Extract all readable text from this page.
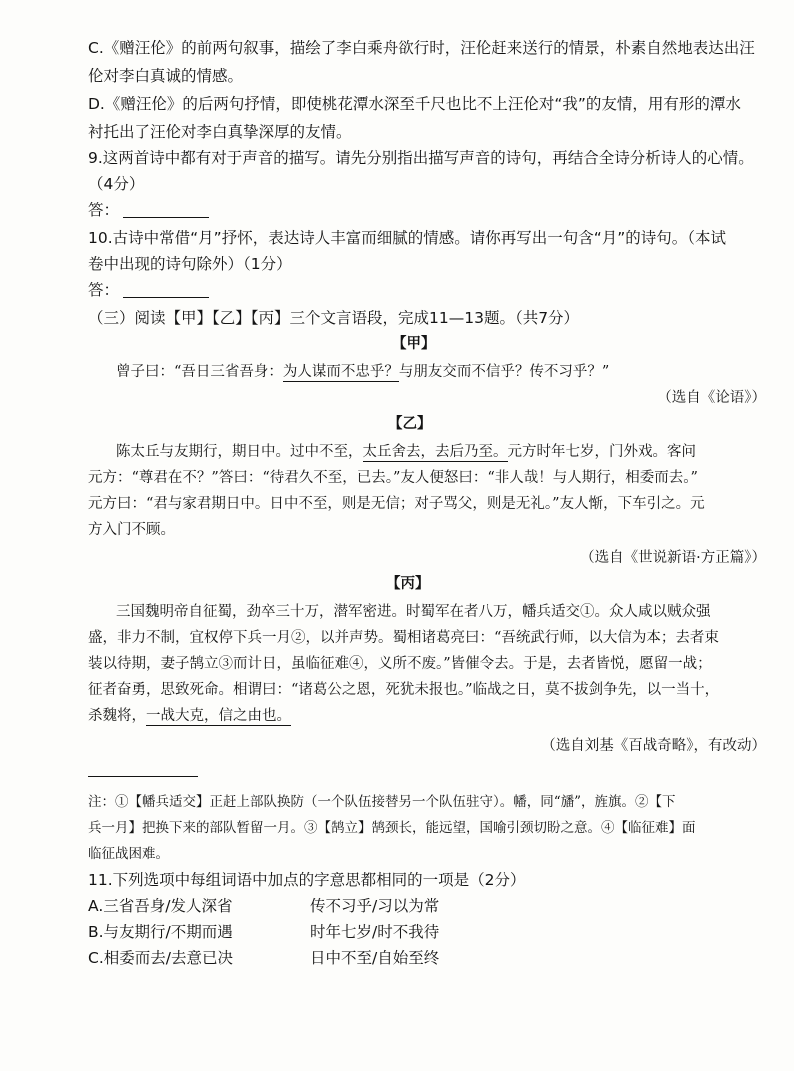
C.《赠汪伦》的前两句叙事，描绘了李白乘舟欲行时，汪伦赶来送行的情景，朴素自然地表达出汪
伦对李白真诚的情感。
D.《赠汪伦》的后两句抒情，即使桃花潭水深至千尺也比不上汪伦对“我”的友情，用有形的潭水
衬托出了汪伦对李白真挚深厚的友情。
9.这两首诗中都有对于声音的描写。请先分别指出描写声音的诗句，再结合全诗分析诗人的心情。
（4分）
答：
10.古诗中常借“月”抒怀，表达诗人丰富而细腻的情感。请你再写出一句含“月”的诗句。（本试
卷中出现的诗句除外）（1分）
答：
（三）阅读【甲】【乙】【丙】三个文言语段，完成11—13题。（共7分）
【甲】
曾子曰：“吾日三省吾身：为人谋而不忠乎？与朋友交而不信乎？传不习乎？”
（选自《论语》）
【乙】
陈太丘与友期行，期日中。过中不至，太丘舍去，去后乃至。元方时年七岁，门外戏。客问
元方：“尊君在不？”答曰：“待君久不至，已去。”友人便怒曰：“非人哉！与人期行，相委而去。”
元方曰：“君与家君期日中。日中不至，则是无信；对子骂父，则是无礼。”友人惭，下车引之。元
方入门不顾。
（选自《世说新语·方正篇》）
【丙】
三国魏明帝自征蜀，劲卒三十万，潜军密进。时蜀军在者八万，幡兵适交①。众人咸以贼众强
盛，非力不制，宜权停下兵一月②，以并声势。蜀相诸葛亮曰：“吾统武行师，以大信为本；去者束
装以待期，妻子鹄立③而计日，虽临征难④，义所不废。”皆催令去。于是，去者皆悦，愿留一战；
征者奋勇，思致死命。相谓曰：“诸葛公之恩，死犹未报也。”临战之日，莫不拔剑争先，以一当十，
杀魏将，一战大克，信之由也。
（选自刘基《百战奇略》，有改动）
注：①【幡兵适交】正赶上部队换防（一个队伍接替另一个队伍驻守）。幡，同“旙”，旌旗。②【下
兵一月】把换下来的部队暂留一月。③【鹄立】鹄颈长，能远望，国喻引颈切盼之意。④【临征难】面
临征战困难。
11.下列选项中每组词语中加点的字意思都相同的一项是（2分）
A.三省吾身/发人深省	传不习乎/习以为常
B.与友期行/不期而遇	时年七岁/时不我待
C.相委而去/去意已决	日中不至/自始至终
